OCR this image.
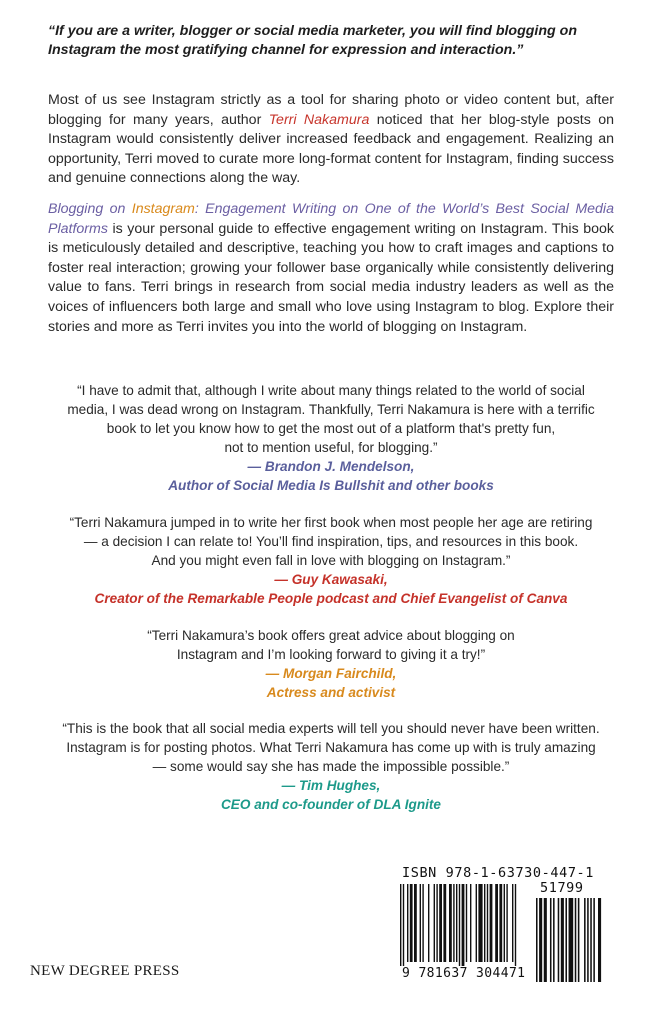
“If you are a writer, blogger or social media marketer, you will find blogging on Instagram the most gratifying channel for expression and interaction.”

Most of us see Instagram strictly as a tool for sharing photo or video content but, after blogging for many years, author Terri Nakamura noticed that her blog-style posts on Instagram would consistently deliver increased feedback and engagement. Realizing an opportunity, Terri moved to curate more long-format content for Instagram, finding success and genuine connections along the way.

Blogging on Instagram: Engagement Writing on One of the World’s Best Social Media Platforms is your personal guide to effective engagement writing on Instagram. This book is meticulously detailed and descriptive, teaching you how to craft images and captions to foster real interaction; growing your follower base organically while consistently delivering value to fans. Terri brings in research from social media industry leaders as well as the voices of influencers both large and small who love using Instagram to blog. Explore their stories and more as Terri invites you into the world of blogging on Instagram.

“I have to admit that, although I write about many things related to the world of social
media, I was dead wrong on Instagram. Thankfully, Terri Nakamura is here with a terrific
book to let you know how to get the most out of a platform that's pretty fun,
not to mention useful, for blogging.”
— Brandon J. Mendelson,
Author of Social Media Is Bullshit and other books
“Terri Nakamura jumped in to write her first book when most people her age are retiring
— a decision I can relate to! You’ll find inspiration, tips, and resources in this book.
And you might even fall in love with blogging on Instagram.”
— Guy Kawasaki,
Creator of the Remarkable People podcast and Chief Evangelist of Canva
“Terri Nakamura’s book offers great advice about blogging on
Instagram and I’m looking forward to giving it a try!”
— Morgan Fairchild,
Actress and activist
“This is the book that all social media experts will tell you should never have been written.
Instagram is for posting photos. What Terri Nakamura has come up with is truly amazing
— some would say she has made the impossible possible.”
— Tim Hughes,
CEO and co-founder of DLA Ignite

NEW DEGREE PRESS

ISBN 978-1-63730-447-1

51799

9 781637 304471
